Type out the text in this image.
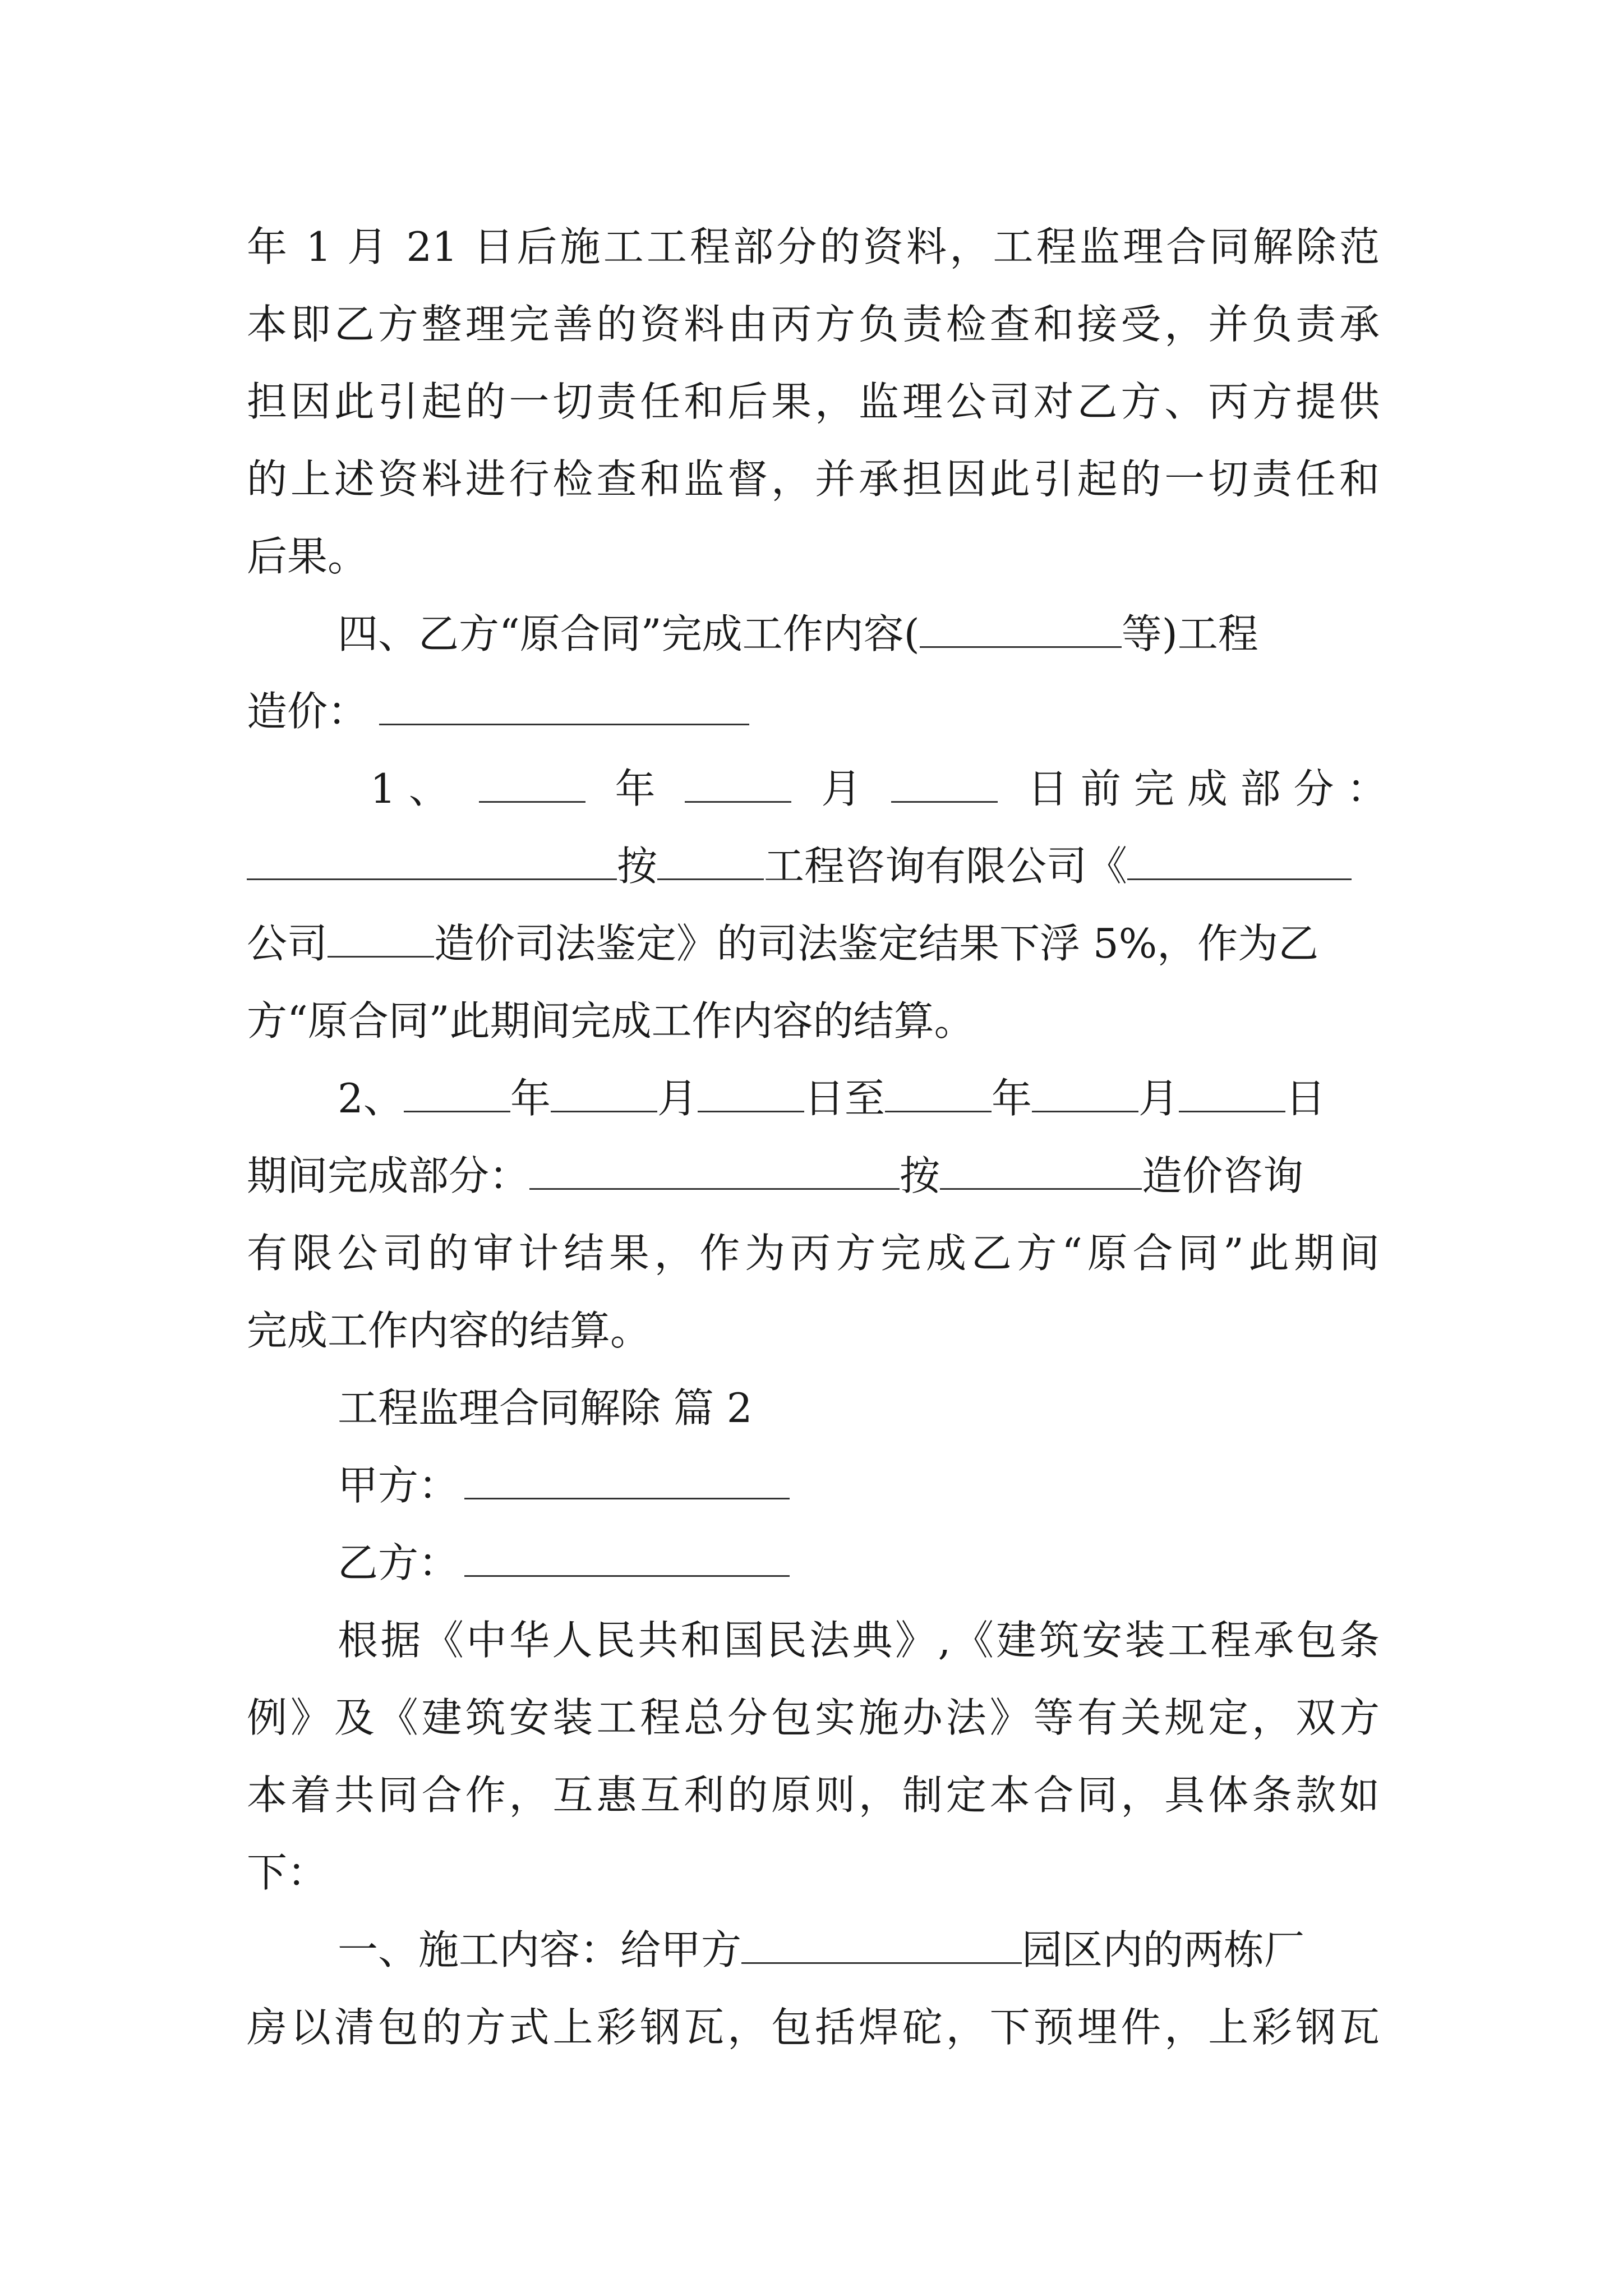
年 1 月 21 日后施工工程部分的资料，工程监理合同解除范
本即乙方整理完善的资料由丙方负责检查和接受，并负责承
担因此引起的一切责任和后果，监理公司对乙方、丙方提供
的上述资料进行检查和监督，并承担因此引起的一切责任和
后果。
四、乙方“原合同”完成工作内容(	等)工程
造价：
1 、	年	月	日 前 完 成 部 分 ：
按	工程咨询有限公司《
公司	造价司法鉴定》的司法鉴定结果下浮 5%，作为乙
方“原合同”此期间完成工作内容的结算。
2、	年	月	日至	年	月	日
期间完成部分：	按	造价咨询
有限公司的审计结果，作为丙方完成乙方“原合同”此期间
完成工作内容的结算。
工程监理合同解除 篇 2
甲方：
乙方：
根据《中华人民共和国民法典》,《建筑安装工程承包条
例》及《建筑安装工程总分包实施办法》等有关规定，双方
本着共同合作，互惠互利的原则，制定本合同，具体条款如
下：
一、施工内容：给甲方	园区内的两栋厂
房以清包的方式上彩钢瓦，包括焊砣，下预埋件，上彩钢瓦
